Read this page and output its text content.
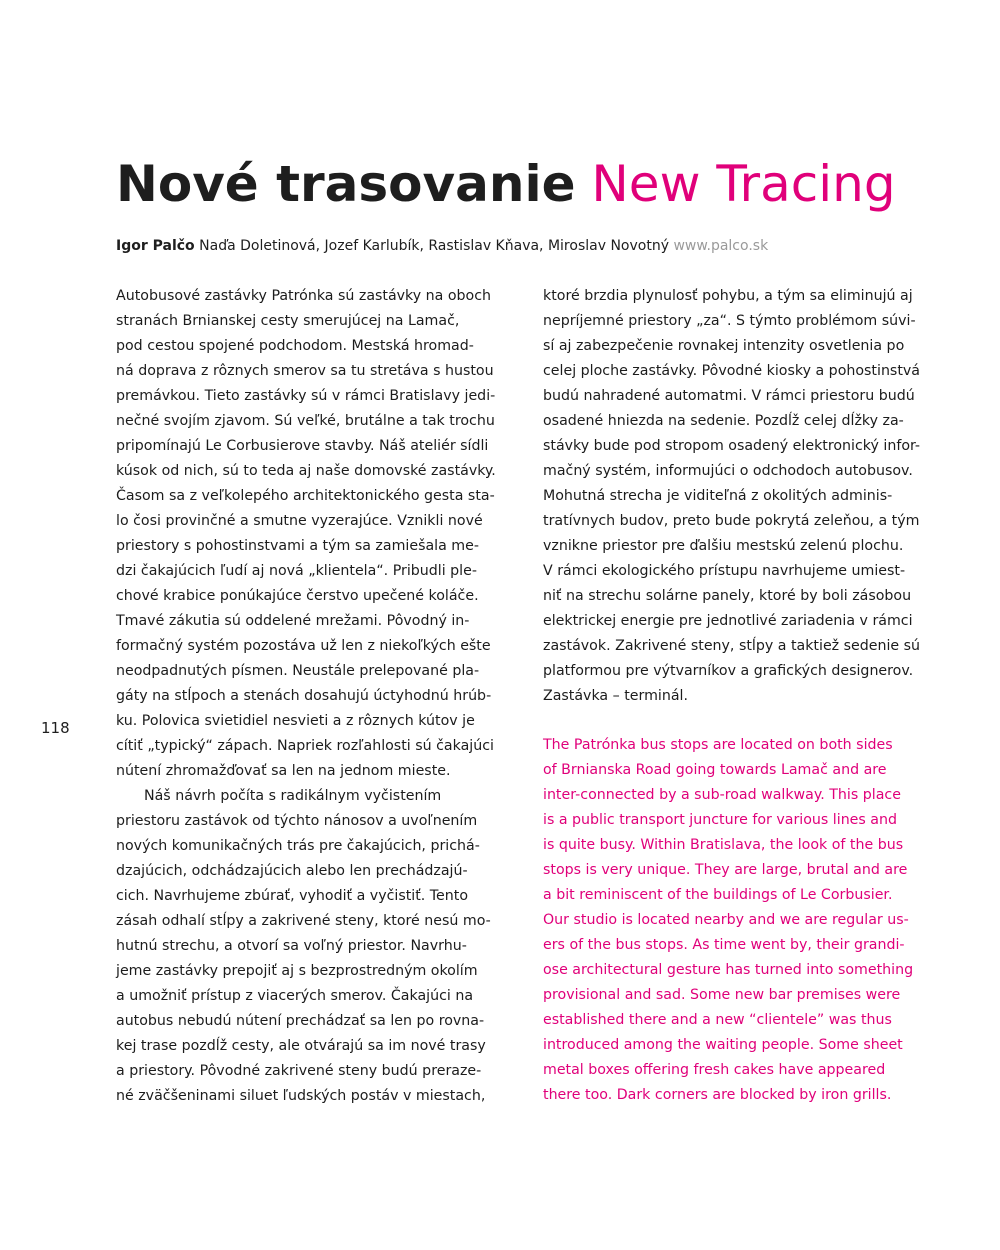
Nové trasovanie New Tracing
Igor Palčo Naďa Doletinová, Jozef Karlubík, Rastislav Kňava, Miroslav Novotný www.palco.sk
118
Autobusové zastávky Patrónka sú zastávky na oboch
stranách Brnianskej cesty smerujúcej na Lamač,
pod cestou spojené podchodom. Mestská hromad-
ná doprava z rôznych smerov sa tu stretáva s hustou
premávkou. Tieto zastávky sú v rámci Bratislavy jedi-
nečné svojím zjavom. Sú veľké, brutálne a tak trochu
pripomínajú Le Corbusierove stavby. Náš ateliér sídli
kúsok od nich, sú to teda aj naše domovské zastávky.
Časom sa z veľkolepého architektonického gesta sta-
lo čosi provinčné a smutne vyzerajúce. Vznikli nové
priestory s pohostinstvami a tým sa zamiešala me-
dzi čakajúcich ľudí aj nová „klientela“. Pribudli ple-
chové krabice ponúkajúce čerstvo upečené koláče.
Tmavé zákutia sú oddelené mrežami. Pôvodný in-
formačný systém pozostáva už len z niekoľkých ešte
neodpadnutých písmen. Neustále prelepované pla-
gáty na stĺpoch a stenách dosahujú úctyhodnú hrúb-
ku. Polovica svietidiel nesvieti a z rôznych kútov je
cítiť „typický“ zápach. Napriek rozľahlosti sú čakajúci
nútení zhromažďovať sa len na jednom mieste.
Náš návrh počíta s radikálnym vyčistením
priestoru zastávok od týchto nánosov a uvoľnením
nových komunikačných trás pre čakajúcich, prichá-
dzajúcich, odchádzajúcich alebo len prechádzajú-
cich. Navrhujeme zbúrať, vyhodiť a vyčistiť. Tento
zásah odhalí stĺpy a zakrivené steny, ktoré nesú mo-
hutnú strechu, a otvorí sa voľný priestor. Navrhu-
jeme zastávky prepojiť aj s bezprostredným okolím
a umožniť prístup z viacerých smerov. Čakajúci na
autobus nebudú nútení prechádzať sa len po rovna-
kej trase pozdĺž cesty, ale otvárajú sa im nové trasy
a priestory. Pôvodné zakrivené steny budú preraze-
né zväčšeninami siluet ľudských postáv v miestach,
ktoré brzdia plynulosť pohybu, a tým sa eliminujú aj
nepríjemné priestory „za“. S týmto problémom súvi-
sí aj zabezpečenie rovnakej intenzity osvetlenia po
celej ploche zastávky. Pôvodné kiosky a pohostinstvá
budú nahradené automatmi. V rámci priestoru budú
osadené hniezda na sedenie. Pozdĺž celej dĺžky za-
stávky bude pod stropom osadený elektronický infor-
mačný systém, informujúci o odchodoch autobusov.
Mohutná strecha je viditeľná z okolitých adminis-
tratívnych budov, preto bude pokrytá zeleňou, a tým
vznikne priestor pre ďalšiu mestskú zelenú plochu.
V rámci ekologického prístupu navrhujeme umiest-
niť na strechu solárne panely, ktoré by boli zásobou
elektrickej energie pre jednotlivé zariadenia v rámci
zastávok. Zakrivené steny, stĺpy a taktiež sedenie sú
platformou pre výtvarníkov a grafických designerov.
Zastávka – terminál.
The Patrónka bus stops are located on both sides
of Brnianska Road going towards Lamač and are
inter-connected by a sub-road walkway. This place
is a public transport juncture for various lines and
is quite busy. Within Bratislava, the look of the bus
stops is very unique. They are large, brutal and are
a bit reminiscent of the buildings of Le Corbusier.
Our studio is located nearby and we are regular us-
ers of the bus stops. As time went by, their grandi-
ose architectural gesture has turned into something
provisional and sad. Some new bar premises were
established there and a new “clientele” was thus
introduced among the waiting people. Some sheet
metal boxes offering fresh cakes have appeared
there too. Dark corners are blocked by iron grills.
